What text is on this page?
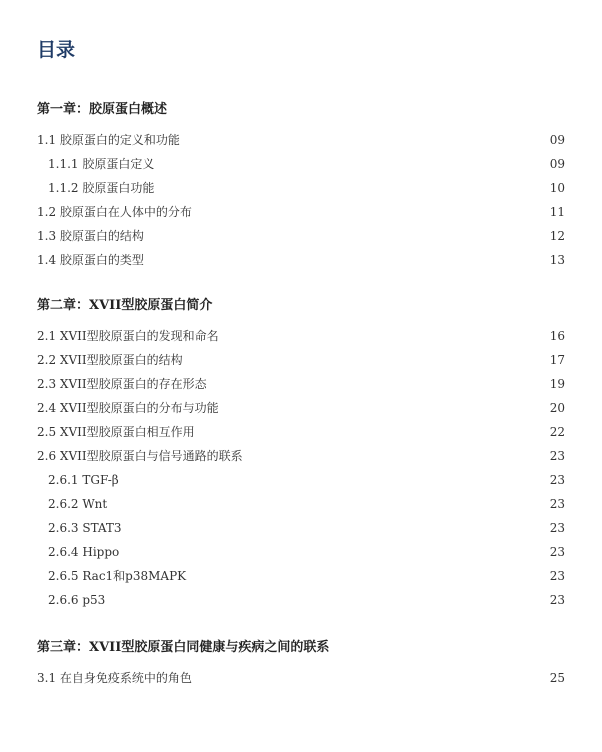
目录
第一章：胶原蛋白概述
1.1 胶原蛋白的定义和功能	09
1.1.1 胶原蛋白定义	09
1.1.2 胶原蛋白功能	10
1.2 胶原蛋白在人体中的分布	11
1.3 胶原蛋白的结构	12
1.4 胶原蛋白的类型	13
第二章：XVII型胶原蛋白简介
2.1 XVII型胶原蛋白的发现和命名	16
2.2 XVII型胶原蛋白的结构	17
2.3 XVII型胶原蛋白的存在形态	19
2.4 XVII型胶原蛋白的分布与功能	20
2.5 XVII型胶原蛋白相互作用	22
2.6 XVII型胶原蛋白与信号通路的联系	23
2.6.1 TGF-β	23
2.6.2 Wnt	23
2.6.3 STAT3	23
2.6.4 Hippo	23
2.6.5 Rac1和p38MAPK	23
2.6.6 p53	23
第三章：XVII型胶原蛋白同健康与疾病之间的联系
3.1 在自身免疫系统中的角色	25
